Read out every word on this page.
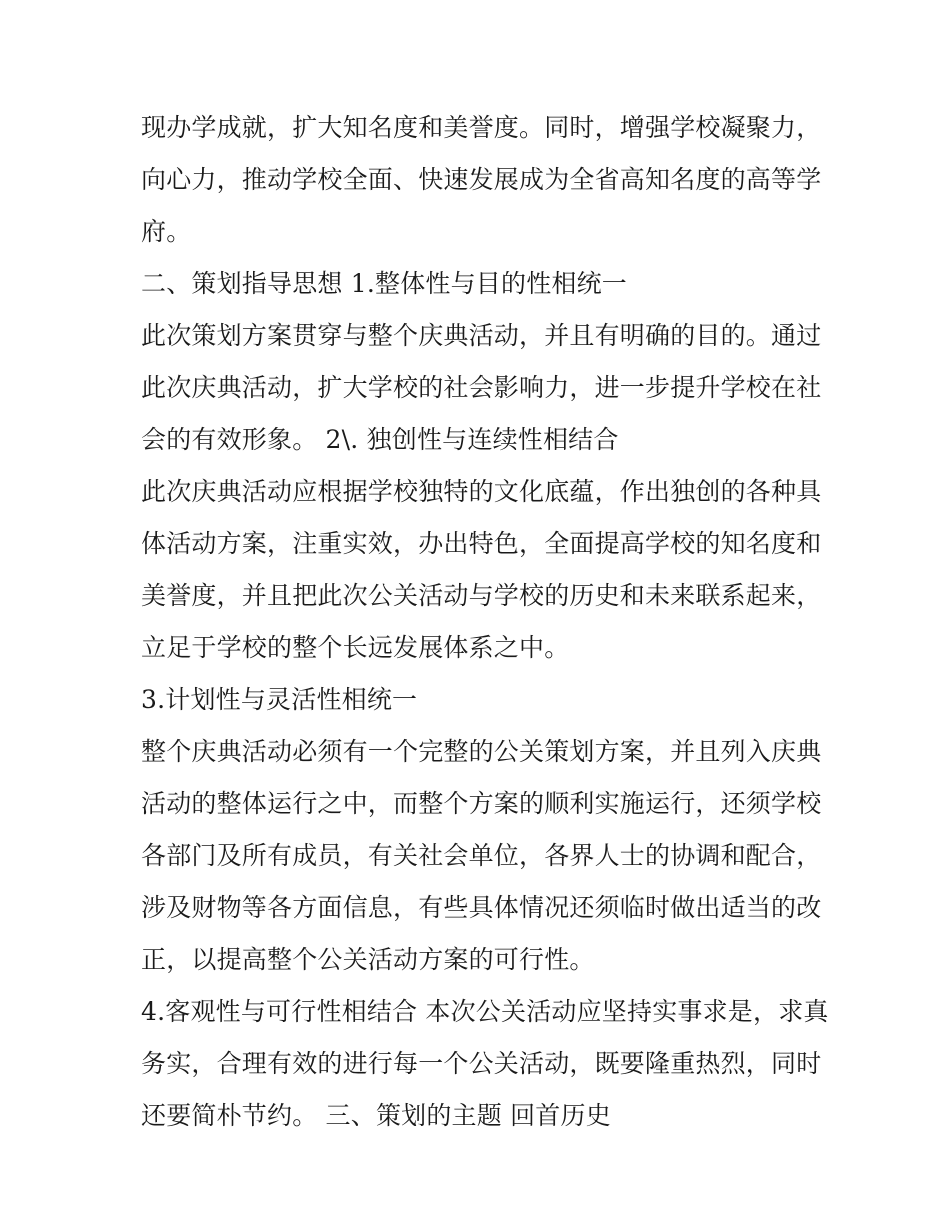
现办学成就，扩大知名度和美誉度。同时，增强学校凝聚力，
向心力，推动学校全面、快速发展成为全省高知名度的高等学
府。
二、策划指导思想 1.整体性与目的性相统一
此次策划方案贯穿与整个庆典活动，并且有明确的目的。通过
此次庆典活动，扩大学校的社会影响力，进一步提升学校在社
会的有效形象。 2\. 独创性与连续性相结合
此次庆典活动应根据学校独特的文化底蕴，作出独创的各种具
体活动方案，注重实效，办出特色，全面提高学校的知名度和
美誉度，并且把此次公关活动与学校的历史和未来联系起来，
立足于学校的整个长远发展体系之中。
3.计划性与灵活性相统一
整个庆典活动必须有一个完整的公关策划方案，并且列入庆典
活动的整体运行之中，而整个方案的顺利实施运行，还须学校
各部门及所有成员，有关社会单位，各界人士的协调和配合，
涉及财物等各方面信息，有些具体情况还须临时做出适当的改
正，以提高整个公关活动方案的可行性。
4.客观性与可行性相结合 本次公关活动应坚持实事求是，求真
务实，合理有效的进行每一个公关活动，既要隆重热烈，同时
还要简朴节约。 三、策划的主题 回首历史
